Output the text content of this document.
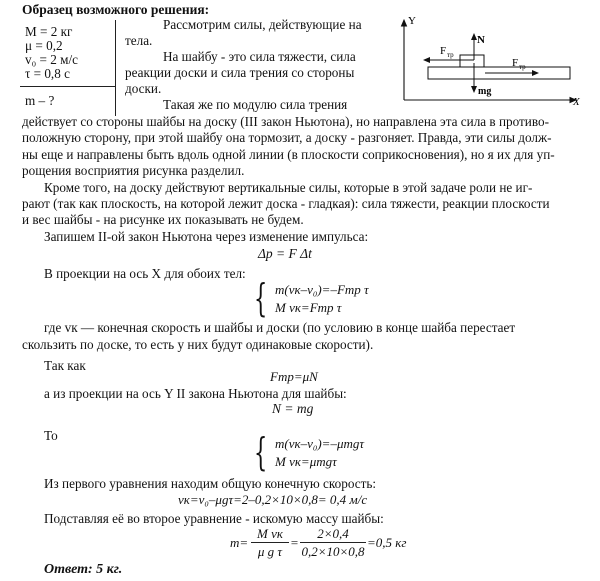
Образец возможного решения:
M = 2 кг
μ = 0,2
v₀ = 2 м/с
τ = 0,8 с
m – ?
Рассмотрим силы, действующие на
тела.
На шайбу - это сила тяжести, сила
реакции доски и сила трения со стороны
доски.
Такая же по модулю сила трения
Y
X
N
F тр
F тр
mg
действует со стороны шайбы на доску (III закон Ньютона), но направлена эта сила в противо-
положную сторону, при этой шайбу она тормозит, а доску - разгоняет. Правда, эти силы долж-
ны еще и направлены быть вдоль одной линии (в плоскости соприкосновения), но я их для уп-
рощения восприятия рисунка разделил.
Кроме того, на доску действуют вертикальные силы, которые в этой задаче роли не иг-
рают (так как плоскость, на которой лежит доска - гладкая): сила тяжести, реакции плоскости
и вес шайбы - на рисунке их показывать не будем.
Запишем II-ой закон Ньютона через изменение импульса:
Δp = F Δt
В проекции на ось X для обоих тел:
{ m(vк–v₀)=–Fтр τ
M vк=Fтр τ
где vк — конечная скорость и шайбы и доски (по условию в конце шайба перестает
скользить по доске, то есть у них будут одинаковые скорости).
Так как
Fтр=μN
а из проекции на ось Y II закона Ньютона для шайбы:
N = mg
То	{ m(vк–v₀)=–μmgτ
M vк=μmgτ
Из первого уравнения находим общую конечную скорость:
vк=v₀–μgτ=2–0,2×10×0,8= 0,4 м/с
Подставляя её во второе уравнение - искомую массу шайбы:
m=
M vк
μ g τ
=
2×0,4
0,2×10×0,8
=0,5 кг
Ответ: 5 кг.
